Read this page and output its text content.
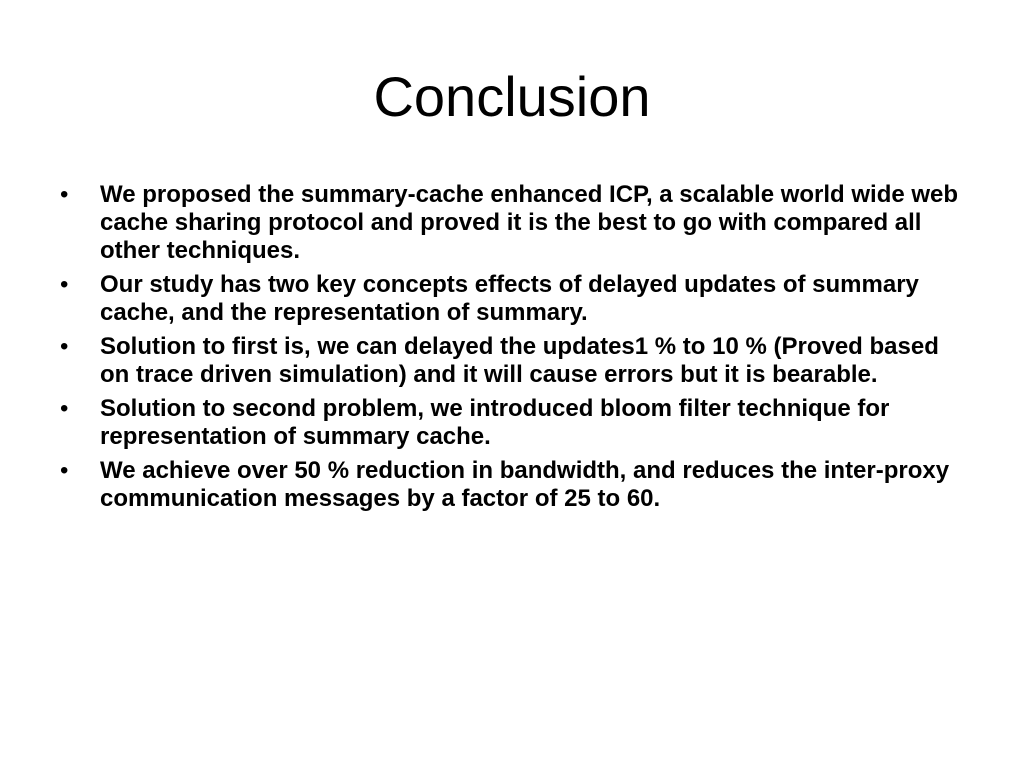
Conclusion
• We proposed the summary-cache enhanced ICP, a scalable world wide web cache sharing protocol and proved it is the best to go with compared all other techniques.
• Our study has two key concepts effects of delayed updates of summary cache, and the representation of summary.
• Solution to first is, we can delayed the updates1 % to 10 % (Proved based on trace driven simulation) and it will cause errors but it is bearable.
• Solution to second problem, we introduced bloom filter technique for representation of summary cache.
• We achieve over 50 % reduction in bandwidth, and reduces the inter-proxy communication messages by a factor of 25 to 60.
